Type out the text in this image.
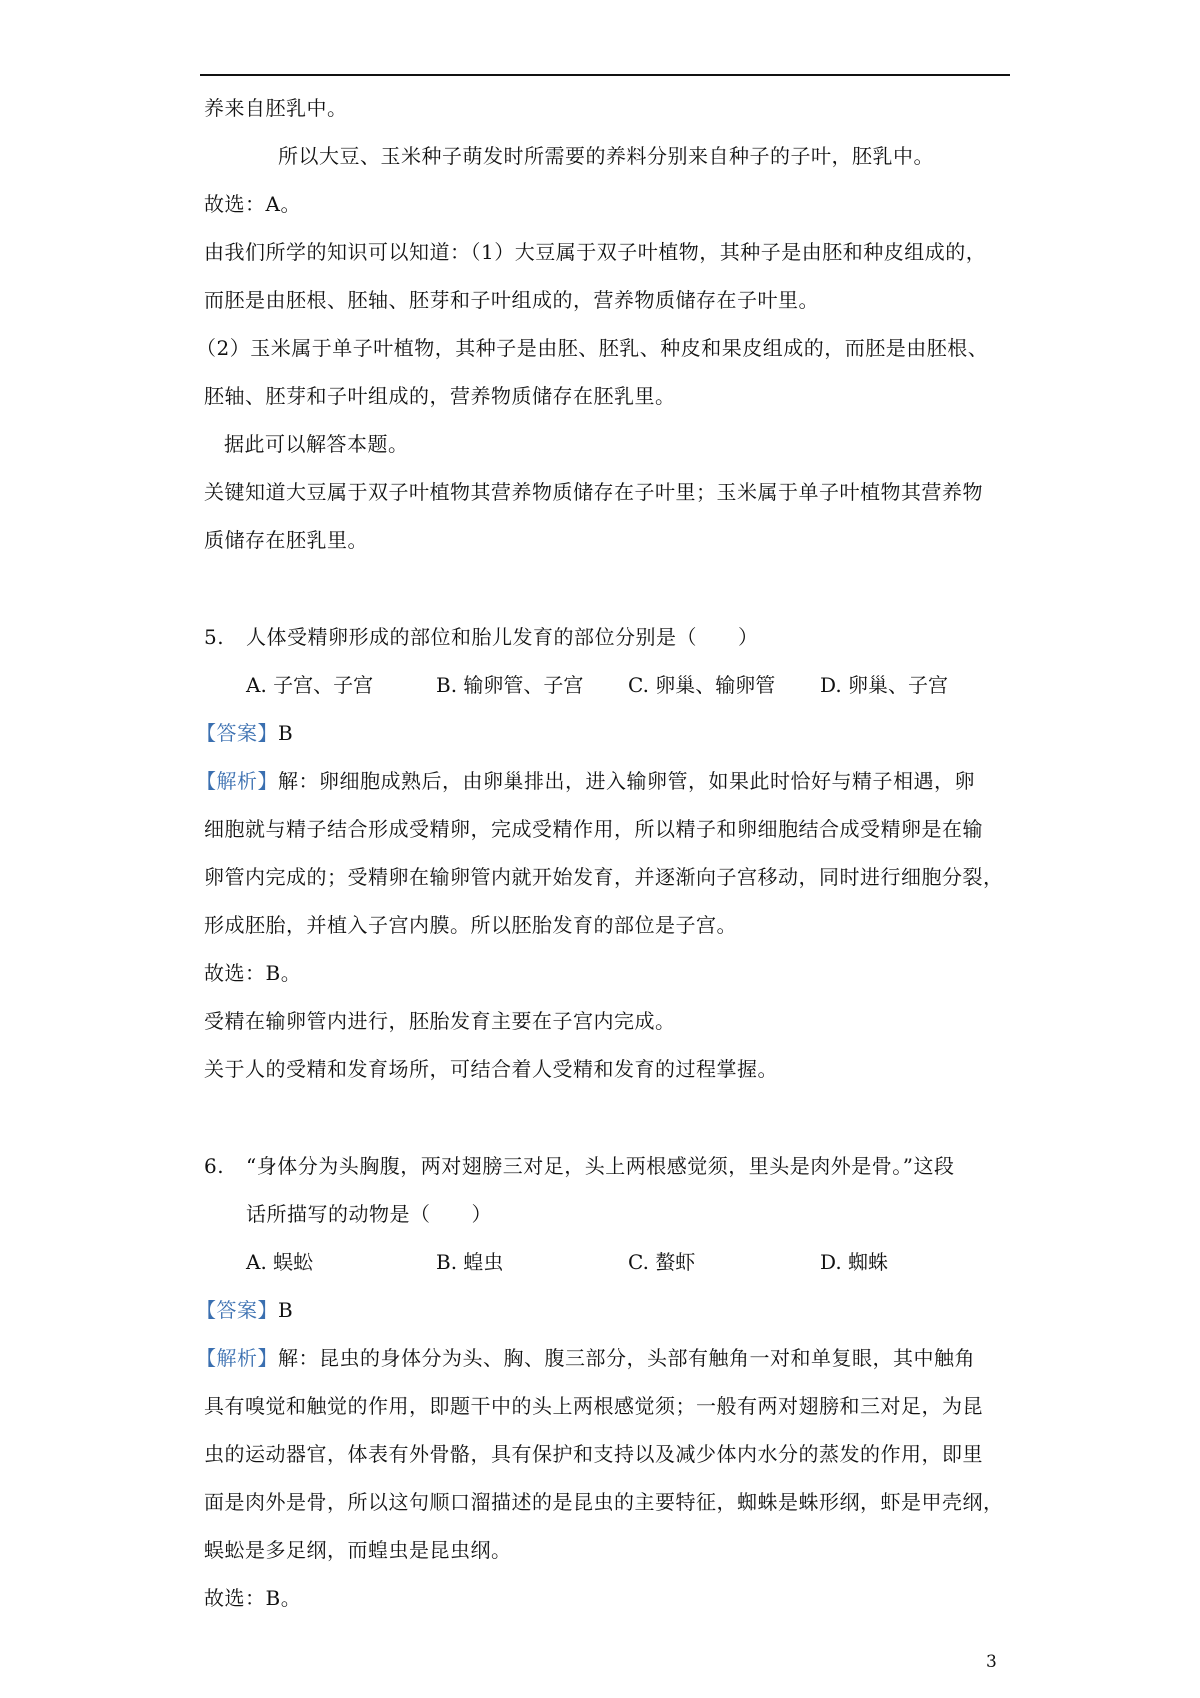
养来自胚乳中。
所以大豆、玉米种子萌发时所需要的养料分别来自种子的子叶，胚乳中。
故选：A。
由我们所学的知识可以知道：（1）大豆属于双子叶植物，其种子是由胚和种皮组成的，
而胚是由胚根、胚轴、胚芽和子叶组成的，营养物质储存在子叶里。
（2）玉米属于单子叶植物，其种子是由胚、胚乳、种皮和果皮组成的，而胚是由胚根、
胚轴、胚芽和子叶组成的，营养物质储存在胚乳里。
据此可以解答本题。
关键知道大豆属于双子叶植物其营养物质储存在子叶里；玉米属于单子叶植物其营养物
质储存在胚乳里。
5. 人体受精卵形成的部位和胎儿发育的部位分别是（　　）
A. 子宫、子宫	B. 输卵管、子宫 C. 卵巢、输卵管 D. 卵巢、子宫
【答案】B
【解析】解：卵细胞成熟后，由卵巢排出，进入输卵管，如果此时恰好与精子相遇，卵
细胞就与精子结合形成受精卵，完成受精作用，所以精子和卵细胞结合成受精卵是在输
卵管内完成的；受精卵在输卵管内就开始发育，并逐渐向子宫移动，同时进行细胞分裂，
形成胚胎，并植入子宫内膜。所以胚胎发育的部位是子宫。
故选：B。
受精在输卵管内进行，胚胎发育主要在子宫内完成。
关于人的受精和发育场所，可结合着人受精和发育的过程掌握。
6. “身体分为头胸腹，两对翅膀三对足，头上两根感觉须，里头是肉外是骨。”这段
话所描写的动物是（　　）
A. 蜈蚣	B. 蝗虫	C. 螯虾	D. 蜘蛛
【答案】B
【解析】解：昆虫的身体分为头、胸、腹三部分，头部有触角一对和单复眼，其中触角
具有嗅觉和触觉的作用，即题干中的头上两根感觉须；一般有两对翅膀和三对足，为昆
虫的运动器官，体表有外骨骼，具有保护和支持以及减少体内水分的蒸发的作用，即里
面是肉外是骨，所以这句顺口溜描述的是昆虫的主要特征，蜘蛛是蛛形纲，虾是甲壳纲，
蜈蚣是多足纲，而蝗虫是昆虫纲。
故选：B。
3
